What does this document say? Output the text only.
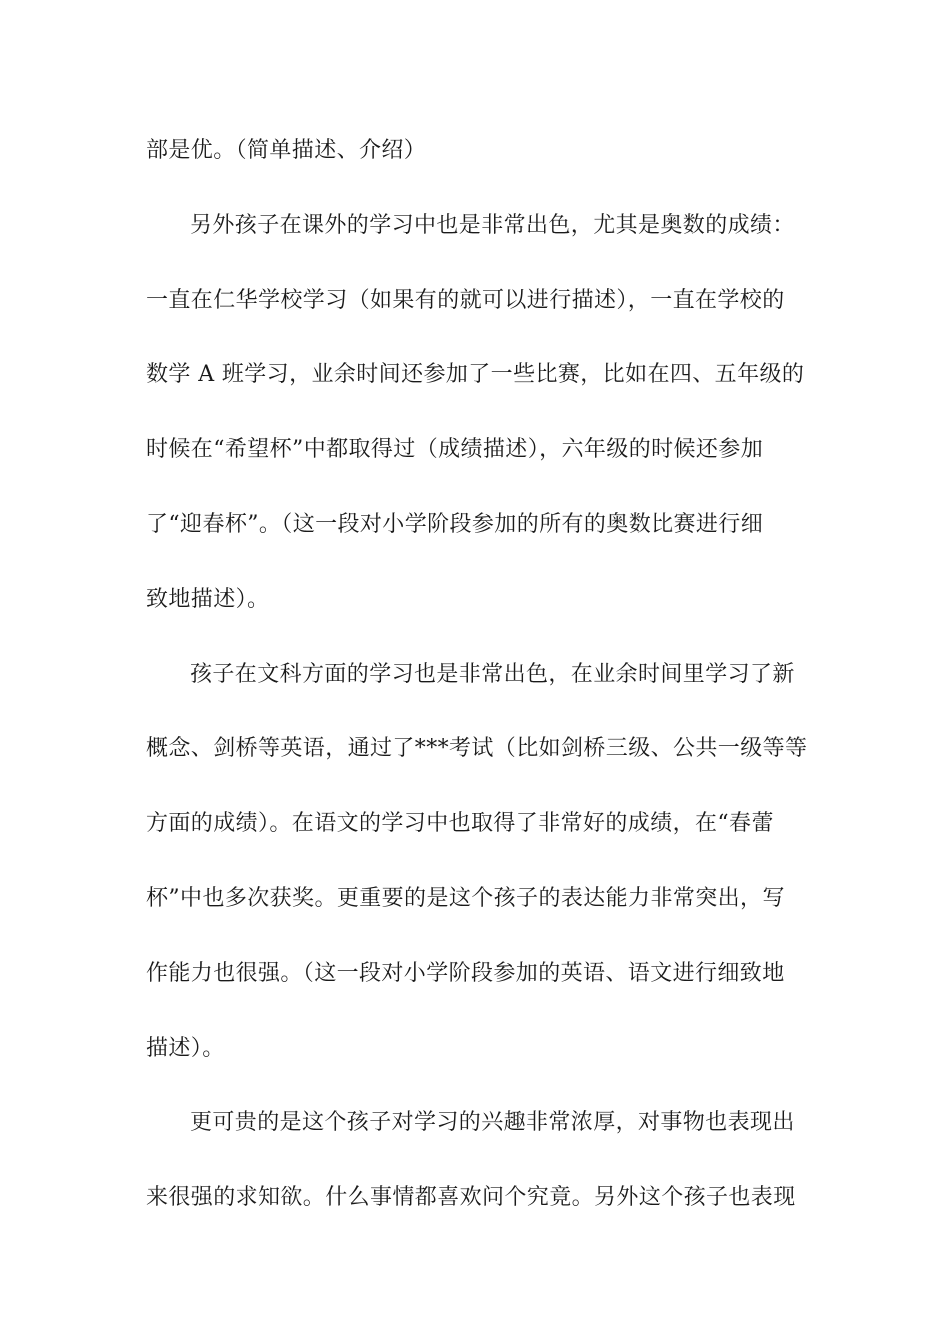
部是优。（简单描述、介绍）
另外孩子在课外的学习中也是非常出色，尤其是奥数的成绩：
一直在仁华学校学习（如果有的就可以进行描述），一直在学校的
数学 A 班学习，业余时间还参加了一些比赛，比如在四、五年级的
时候在“希望杯”中都取得过（成绩描述），六年级的时候还参加
了“迎春杯”。（这一段对小学阶段参加的所有的奥数比赛进行细
致地描述）。
孩子在文科方面的学习也是非常出色，在业余时间里学习了新
概念、剑桥等英语，通过了***考试（比如剑桥三级、公共一级等等
方面的成绩）。在语文的学习中也取得了非常好的成绩，在“春蕾
杯”中也多次获奖。更重要的是这个孩子的表达能力非常突出，写
作能力也很强。（这一段对小学阶段参加的英语、语文进行细致地
描述）。
更可贵的是这个孩子对学习的兴趣非常浓厚，对事物也表现出
来很强的求知欲。什么事情都喜欢问个究竟。另外这个孩子也表现
